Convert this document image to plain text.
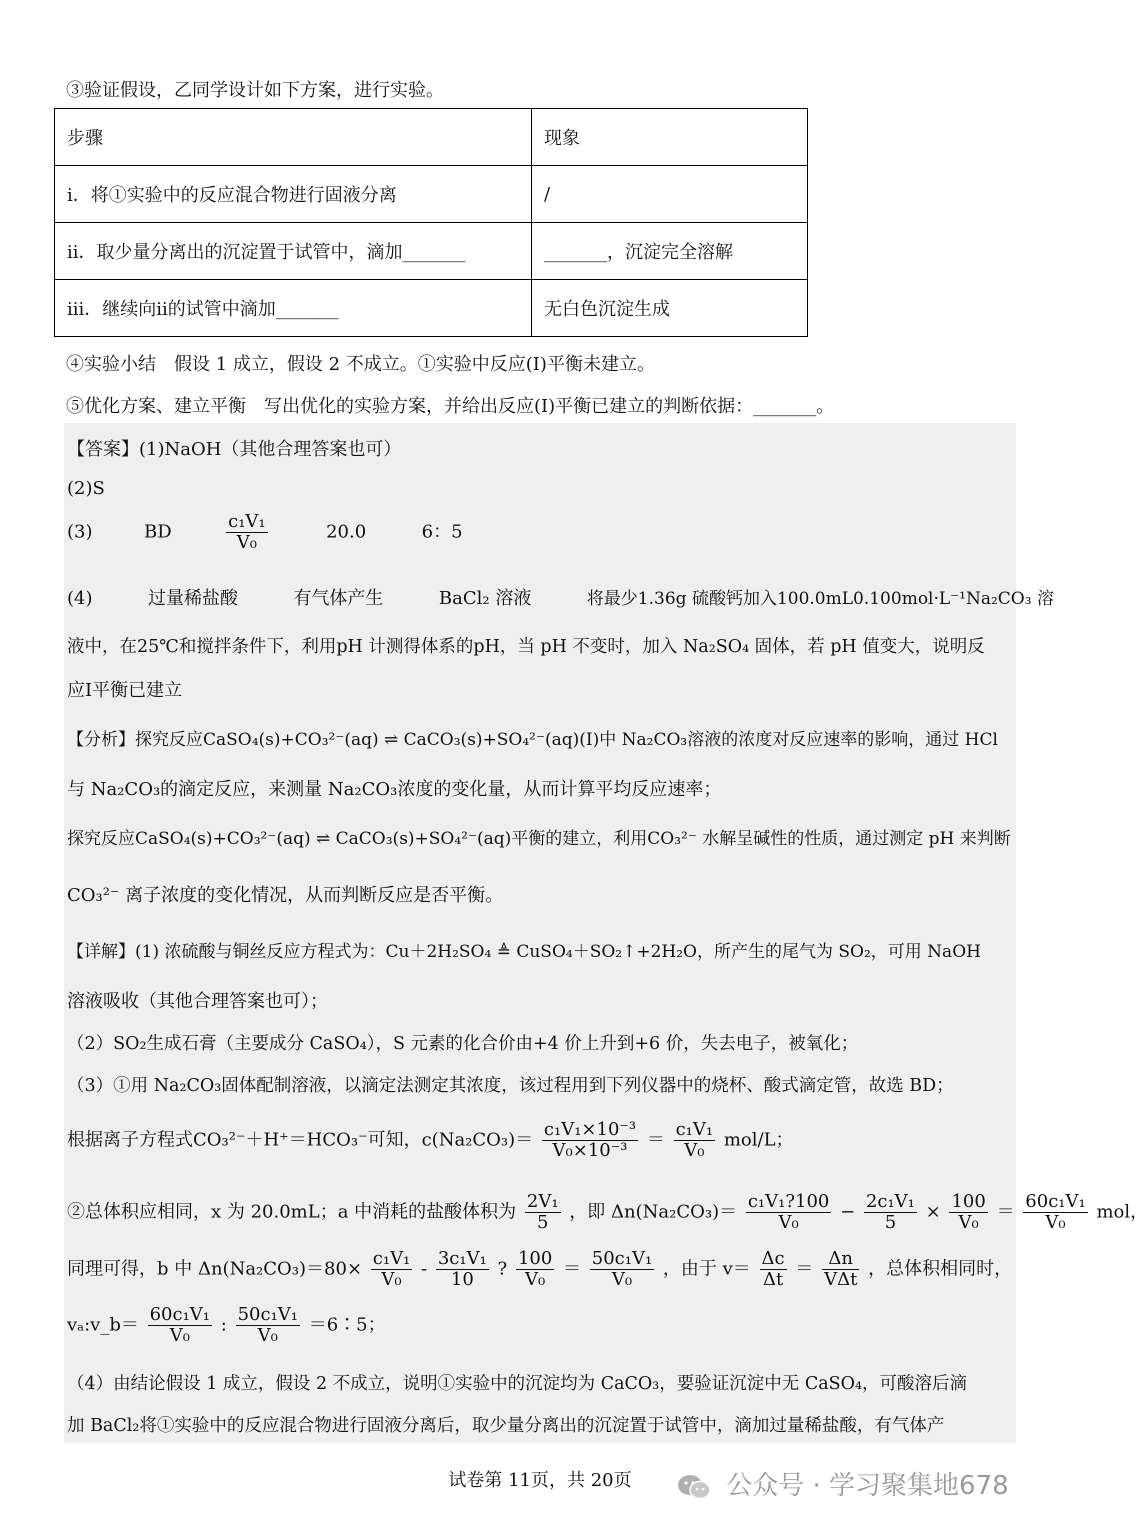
③验证假设，乙同学设计如下方案，进行实验。
步骤	现象
ⅰ．将①实验中的反应混合物进行固液分离	/
ⅱ．取少量分离出的沉淀置于试管中，滴加_______	_______，沉淀完全溶解
ⅲ．继续向ⅱ的试管中滴加_______	无白色沉淀生成
④实验小结　假设 1 成立，假设 2 不成立。①实验中反应(Ⅰ)平衡未建立。
⑤优化方案、建立平衡　写出优化的实验方案，并给出反应(Ⅰ)平衡已建立的判断依据：_______。
【答案】(1)NaOH（其他合理答案也可）
(2)S
(3)	BD	$\frac{\text{c₁V₁}}{\text{V₀}}$	20.0	6：5
(4)	过量稀盐酸	有气体产生	BaCl₂ 溶液	将最少1.36g 硫酸钙加入100.0mL0.100mol·L⁻¹Na₂CO₃ 溶
液中，在25℃和搅拌条件下，利用pH 计测得体系的pH，当 pH 不变时，加入 Na₂SO₄ 固体，若 pH 值变大，说明反
应Ⅰ平衡已建立
【分析】探究反应CaSO₄(s)+CO₃²⁻(aq) ⇌ CaCO₃(s)+SO₄²⁻(aq)(Ⅰ)中 Na₂CO₃溶液的浓度对反应速率的影响，通过 HCl
与 Na₂CO₃的滴定反应，来测量 Na₂CO₃浓度的变化量，从而计算平均反应速率；
探究反应CaSO₄(s)+CO₃²⁻(aq) ⇌ CaCO₃(s)+SO₄²⁻(aq)平衡的建立，利用CO₃²⁻ 水解呈碱性的性质，通过测定 pH 来判断
CO₃²⁻ 离子浓度的变化情况，从而判断反应是否平衡。
【详解】(1) 浓硫酸与铜丝反应方程式为：Cu＋2H₂SO₄ ≜ CuSO₄＋SO₂↑+2H₂O，所产生的尾气为 SO₂，可用 NaOH
溶液吸收（其他合理答案也可）；
（2）SO₂生成石膏（主要成分 CaSO₄），S 元素的化合价由+4 价上升到+6 价，失去电子，被氧化；
（3）①用 Na₂CO₃固体配制溶液，以滴定法测定其浓度，该过程用到下列仪器中的烧杯、酸式滴定管，故选 BD；
根据离子方程式CO₃²⁻＋H⁺＝HCO₃⁻可知，$c(Na_2CO_3)= \frac{\text{c₁V₁×10⁻³}}{\text{V₀×10⁻³}} = \frac{\text{c₁V₁}}{\text{V₀}} mol/L$；
②总体积应相同，x 为 20.0mL；a 中消耗的盐酸体积为 $\frac{\text{2V₁}}{5}$ ，即 $\Delta n(Na_2CO_3)= \frac{\text{c₁V₁?100}}{\text{V₀}} - \frac{\text{2c₁V₁}}{5} \times \frac{100}{\text{V₀}} = \frac{\text{60c₁V₁}}{\text{V₀}}$ mol，
同理可得，b 中 $\Delta n(Na_2CO_3)=80\times \frac{\text{c₁V₁}}{\text{V₀}} - \frac{\text{3c₁V₁}}{10}$ ? $\frac{100}{\text{V₀}} = \frac{\text{50c₁V₁}}{\text{V₀}}$ ，由于 $v= \frac{\Delta c}{\Delta t} = \frac{\Delta n}{\text{VΔt}}$ ，总体积相同时，
vₐ:v_b＝ $\frac{\text{60c₁V₁}}{\text{V₀}}$ : $\frac{\text{50c₁V₁}}{\text{V₀}}$ ＝6∶5；
（4）由结论假设 1 成立，假设 2 不成立，说明①实验中的沉淀均为 CaCO₃，要验证沉淀中无 CaSO₄，可酸溶后滴
加 BaCl₂将①实验中的反应混合物进行固液分离后，取少量分离出的沉淀置于试管中，滴加过量稀盐酸，有气体产
试卷第 11页，共 20页	公众号 · 学习聚集地678
